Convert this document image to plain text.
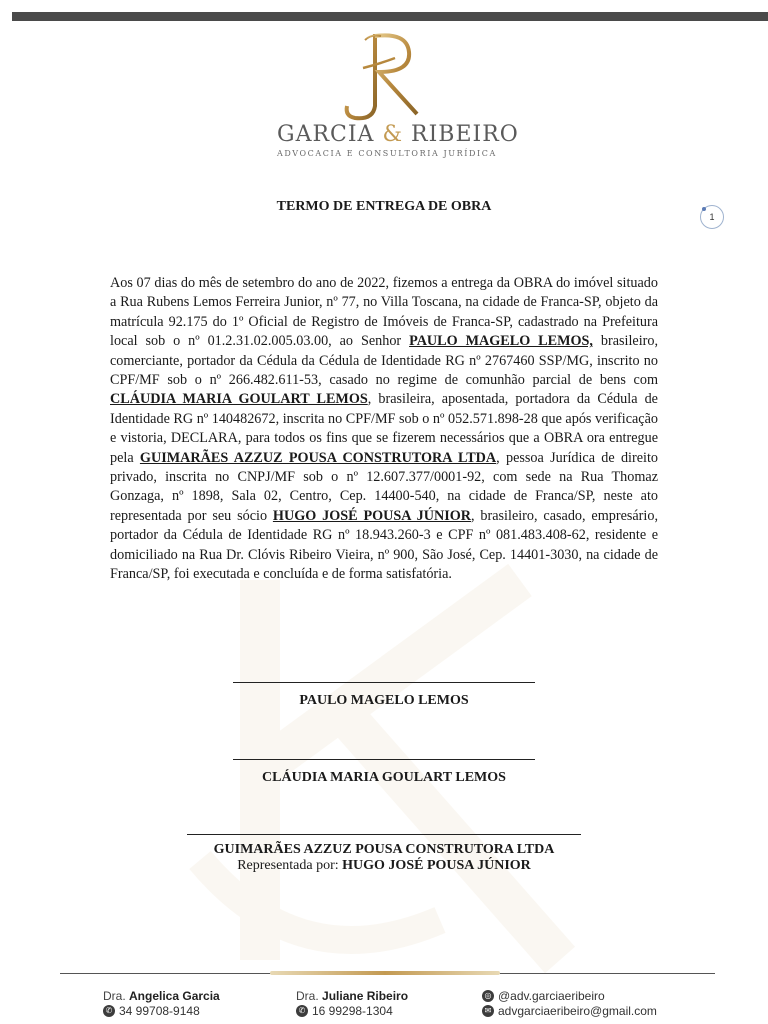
GARCIA & RIBEIRO
ADVOCACIA E CONSULTORIA JURÍDICA
1
TERMO DE ENTREGA DE OBRA
Aos 07 dias do mês de setembro do ano de 2022, fizemos a entrega da OBRA do imóvel situado a Rua Rubens Lemos Ferreira Junior, nº 77, no Villa Toscana, na cidade de Franca-SP, objeto da matrícula 92.175 do 1º Oficial de Registro de Imóveis de Franca-SP, cadastrado na Prefeitura local sob o nº 01.2.31.02.005.03.00, ao Senhor PAULO MAGELO LEMOS, brasileiro, comerciante, portador da Cédula da Cédula de Identidade RG nº 2767460 SSP/MG, inscrito no CPF/MF sob o nº 266.482.611-53, casado no regime de comunhão parcial de bens com CLÁUDIA MARIA GOULART LEMOS, brasileira, aposentada, portadora da Cédula de Identidade RG nº 140482672, inscrita no CPF/MF sob o nº 052.571.898-28 que após verificação e vistoria, DECLARA, para todos os fins que se fizerem necessários que a OBRA ora entregue pela GUIMARÃES AZZUZ POUSA CONSTRUTORA LTDA, pessoa Jurídica de direito privado, inscrita no CNPJ/MF sob o nº 12.607.377/0001-92, com sede na Rua Thomaz Gonzaga, nº 1898, Sala 02, Centro, Cep. 14400-540, na cidade de Franca/SP, neste ato representada por seu sócio HUGO JOSÉ POUSA JÚNIOR, brasileiro, casado, empresário, portador da Cédula de Identidade RG nº 18.943.260-3 e CPF nº 081.483.408-62, residente e domiciliado na Rua Dr. Clóvis Ribeiro Vieira, nº 900, São José, Cep. 14401-3030, na cidade de Franca/SP, foi executada e concluída e de forma satisfatória.
PAULO MAGELO LEMOS
CLÁUDIA MARIA GOULART LEMOS
GUIMARÃES AZZUZ POUSA CONSTRUTORA LTDA
Representada por: HUGO JOSÉ POUSA JÚNIOR
Dra.
Angelica Garcia
✆ 34 99708-9148
Dra.
Juliane Ribeiro
✆ 16 99298-1304
◎ @adv.garciaeribeiro
✉ advgarciaeribeiro@gmail.com
